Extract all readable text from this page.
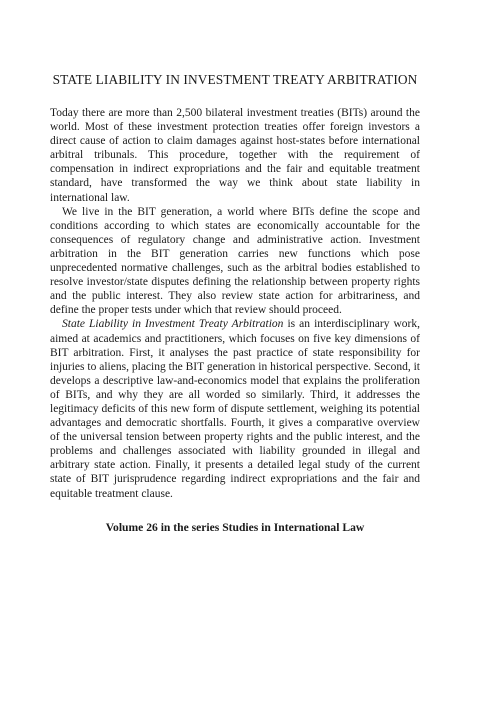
STATE LIABILITY IN INVESTMENT TREATY ARBITRATION

Today there are more than 2,500 bilateral investment treaties (BITs) around the world. Most of these investment protection treaties offer foreign investors a direct cause of action to claim damages against host-states before international arbitral tribunals. This procedure, together with the requirement of compensation in indirect expropriations and the fair and equitable treatment standard, have transformed the way we think about state liability in international law.

We live in the BIT generation, a world where BITs define the scope and conditions according to which states are economically accountable for the consequences of regulatory change and administrative action. Investment arbitration in the BIT generation carries new functions which pose unprecedented normative challenges, such as the arbitral bodies established to resolve investor/state disputes defining the relationship between property rights and the public interest. They also review state action for arbitrariness, and define the proper tests under which that review should proceed.

State Liability in Investment Treaty Arbitration is an interdisciplinary work, aimed at academics and practitioners, which focuses on five key dimensions of BIT arbitration. First, it analyses the past practice of state responsibility for injuries to aliens, placing the BIT generation in historical perspective. Second, it develops a descriptive law-and-economics model that explains the proliferation of BITs, and why they are all worded so similarly. Third, it addresses the legitimacy deficits of this new form of dispute settlement, weighing its potential advantages and democratic shortfalls. Fourth, it gives a comparative overview of the universal tension between property rights and the public interest, and the problems and challenges associated with liability grounded in illegal and arbitrary state action. Finally, it presents a detailed legal study of the current state of BIT jurisprudence regarding indirect expropriations and the fair and equitable treatment clause.

Volume 26 in the series Studies in International Law
